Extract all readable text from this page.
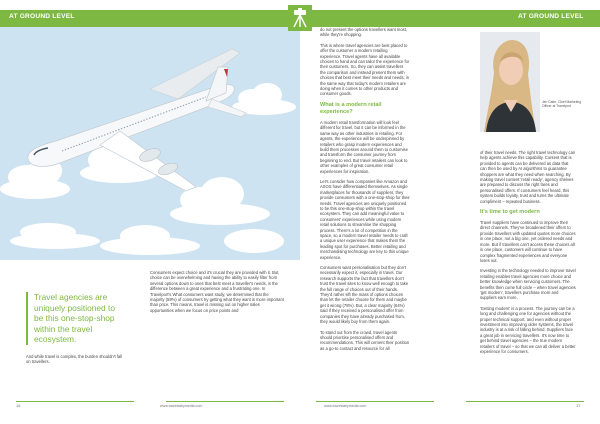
AT GROUND LEVEL
Travel agencies are uniquely positioned to be this one-stop-shop within the travel ecosystem.

And while travel is complex, the burden shouldn't fall on travellers.

Consumers expect choice and it's crucial they are provided with it. But, choice can be overwhelming and having the ability to easily filter from several options down to ones that best meet a traveller's needs, is the difference between a great experience and a frustrating one. In Travelport's What consumers want study, we determined that the majority (59%) of consumers try getting what they want is more important than price. This means, travel is missing out on higher sales opportunities when we focus on price points and

16	www.traveldailymedia.com
AT GROUND LEVEL

do not present the options travellers want most, while they're shopping.

This is where travel agencies are best placed to offer the customer a modern retailing experience. Travel agents have all available choices to hand and can tailor the experience for their customers. So, they can assist travellers the comparison and instead present them with choices that best meet their needs and needs, in the same way that today's modern retailers are doing when it comes to other products and consumer goods.

What is a modern retail experience?

A modern retail transformation will look feel different for travel, but it can be informed in the same way as other industries in retailing. For agents, the experience will be underpinned by retailers who grasp modern experiences and build them processes around them to customise and transform the consumer journey from beginning to end. But travel retailers can look to other examples of great consumer retail experiences for inspiration.

Let's consider how companies like Amazon and ASOS have differentiated themselves. As single marketplaces for thousands of suppliers, they provide consumers with a one-stop-shop for their needs. Travel agencies are uniquely positioned to be this one-stop-shop within the travel ecosystem. They can add meaningful value to consumers' experiences while using modern retail solutions to streamline the shopping process. There's a lot of competition in the space, so a modern travel retailer needs to craft a unique user experience that makes them the leading spot for purchases. Better retailing and merchandising technology are key to this unique experience.

Consumers want personalisation but they don't necessarily expect it, especially in travel. Our research supports the fact that travellers don't trust the travel sites to know well enough to take the full range of choices out of their hands. They'd rather sift the mass of options choices than let the retailer choose for them and maybe get it wrong (78%). But, a clear majority (64%) said if they received a personalised offer from companies they have already purchased from, they would likely buy from them again.

To stand out from the crowd, travel agents should prioritise personalised offers and recommendations. This will cement their position as a go-to contact and resource for all

of their travel needs. The right travel technology can help agents achieve this capability. Content that is provided to agents can be delivered as data that can then be used by AI algorithms to guarantee shoppers are what they need when searching. By making travel content 'retail ready', agency shelves are prepared to discuss the right fares and personalised offers. If consumers feel heard, this system builds loyalty, trust and turns the ultimate compliment – repeated business.

It's time to get modern

Travel suppliers have continued to improve their direct channels. They've broadened their offers to provide travellers with updated quotes more choices in one place, not a big one, yet ordered needs and more. But if travellers can't access these choices all in one place, customers will continue to have complex fragmented experiences and everyone loses out.

Investing in the technology needed to improve travel retailing enables travel agencies more choice and better knowledge when servicing customers. The benefits then come full circle – when travel agencies 'get modern', travellers purchase more and suppliers earn more.

'Getting modern' is a process. The journey can be a long and challenging one for agencies without the proper technical support, and even without proper investment into improving older systems, the travel industry is at a risk of falling behind. Suppliers face a great job in servicing travellers. It's now time to get behind travel agencies – the true modern retailers of travel – so that we can all deliver a better experience for consumers.

www.traveldailymedia.com	17
Jen Catto, Chief Marketing Officer at Travelport
